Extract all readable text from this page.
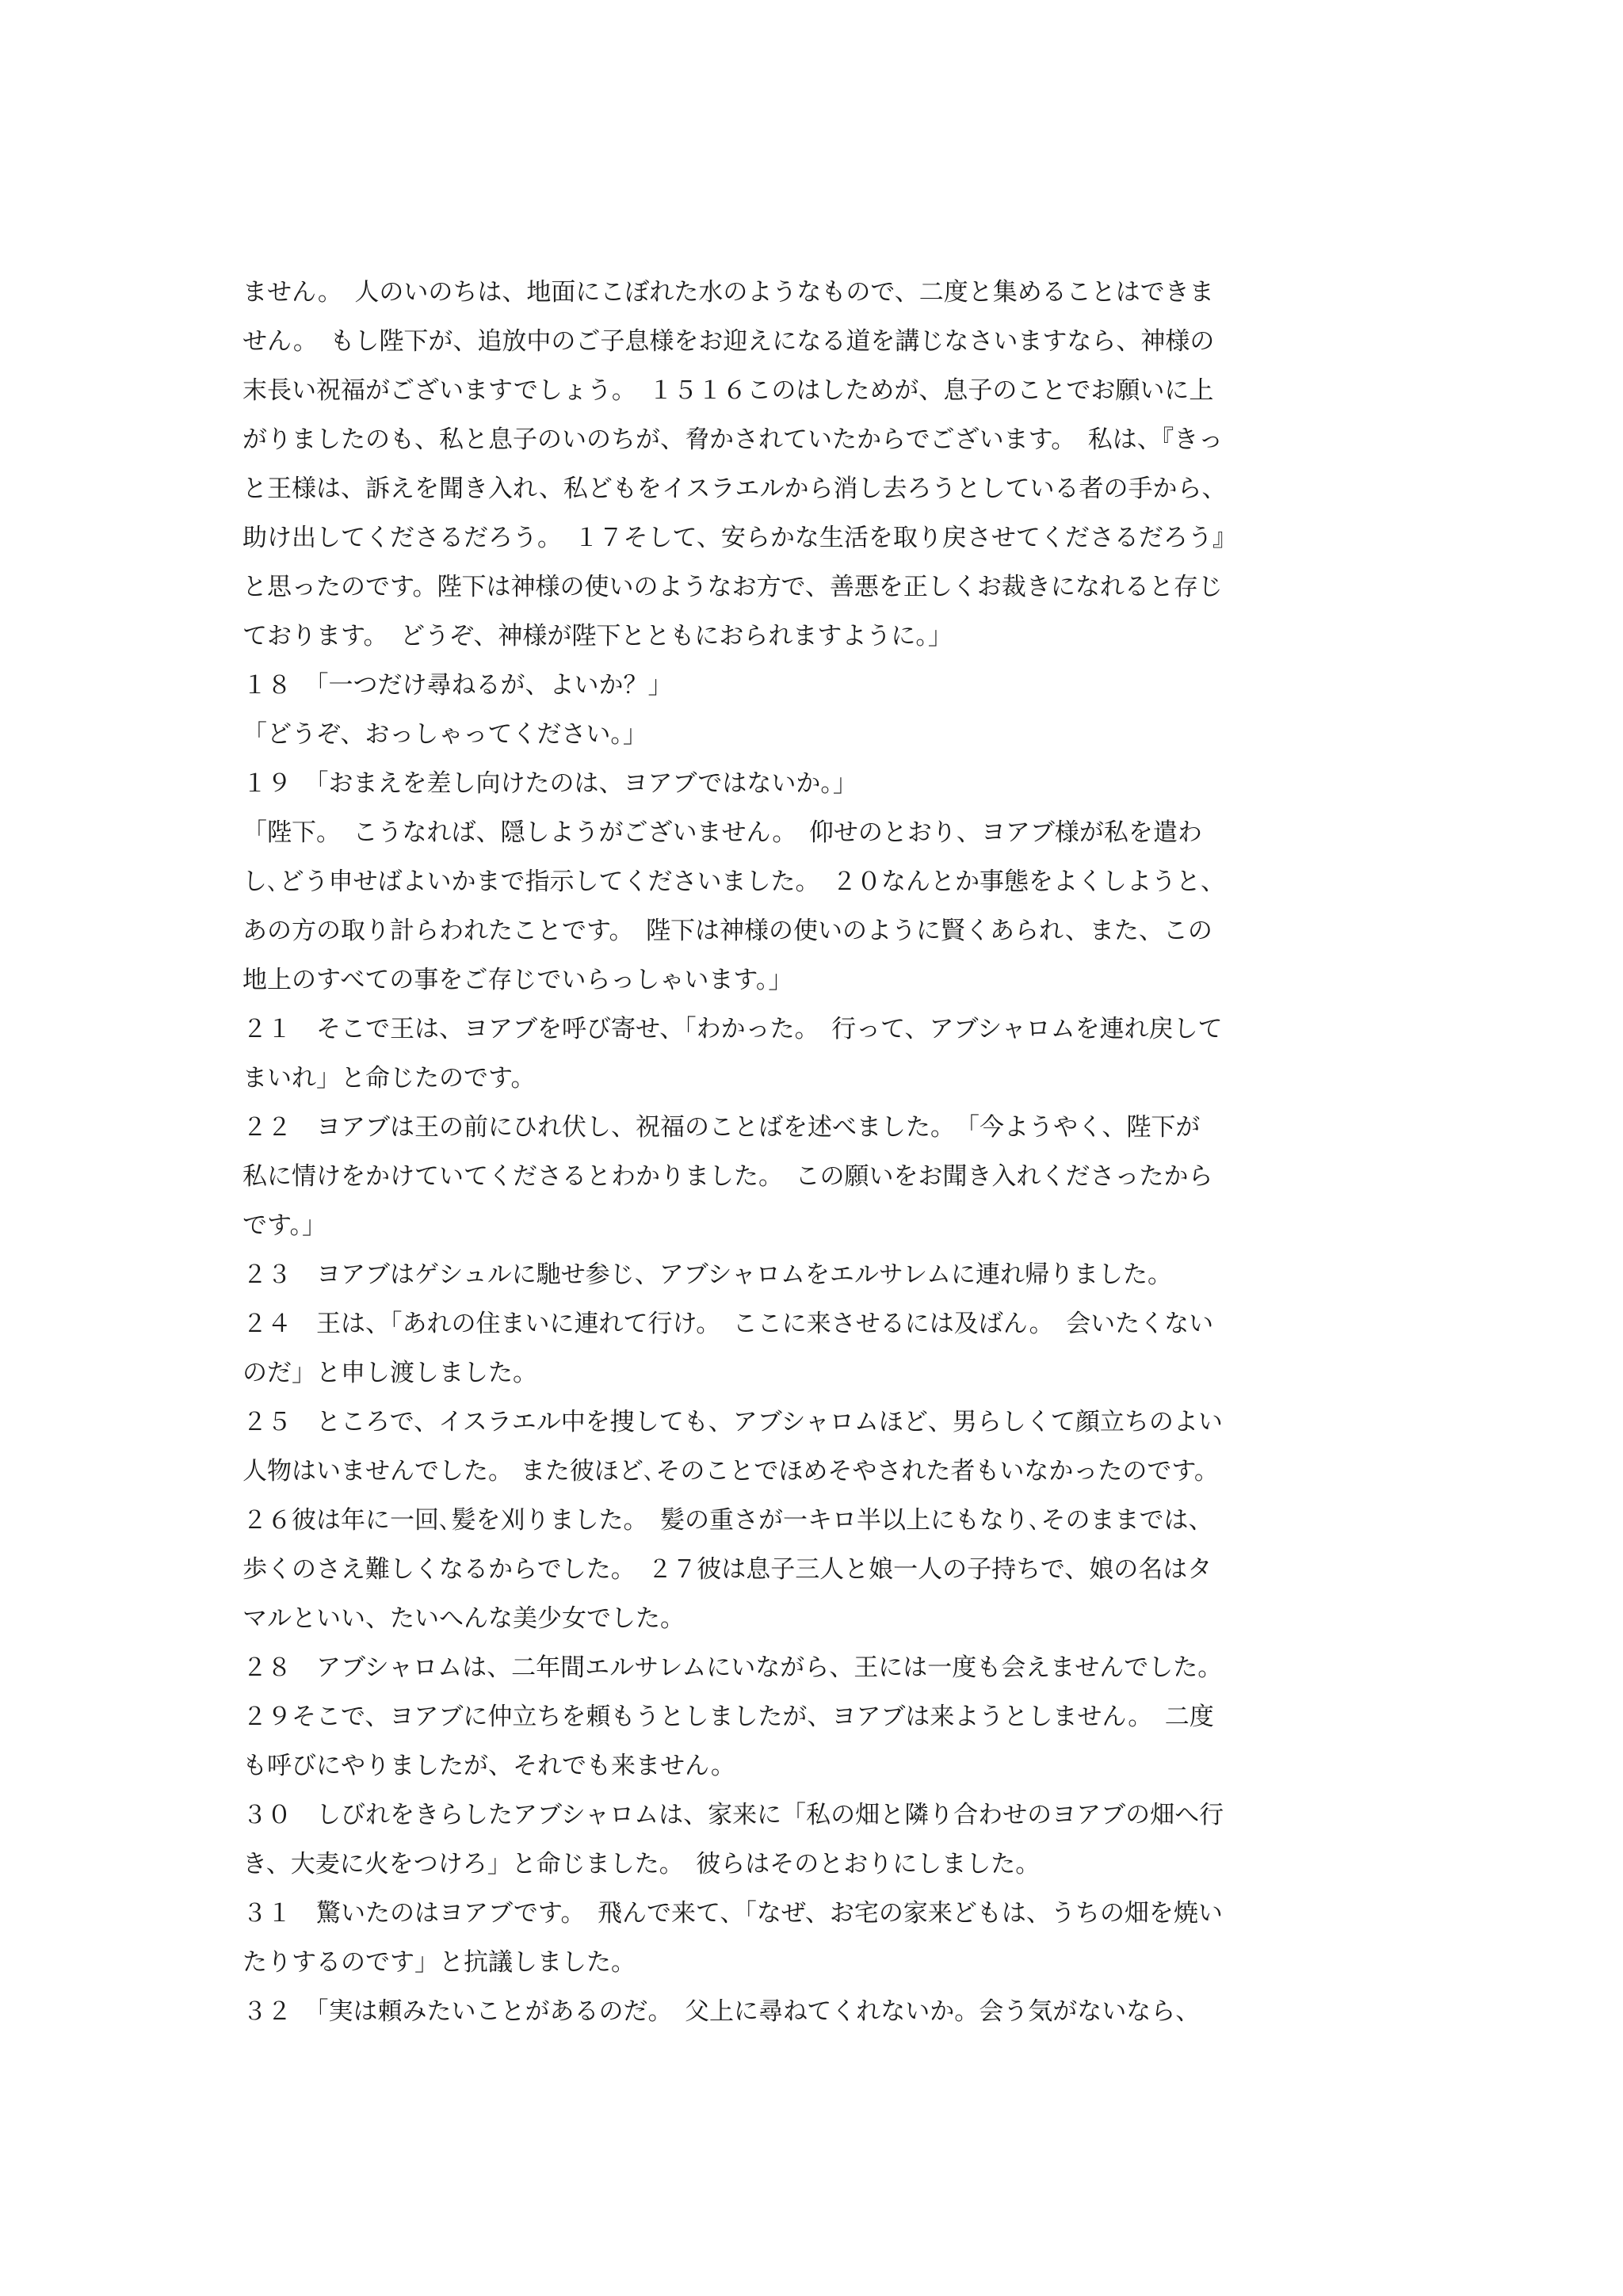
ません。　人のいのちは、地面にこぼれた水のようなもので、二度と集めることはできま
せん。　もし陛下が、追放中のご子息様をお迎えになる道を講じなさいますなら、神様の
末長い祝福がございますでしょう。　１５１６このはしためが、息子のことでお願いに上
がりましたのも、私と息子のいのちが、脅かされていたからでございます。　私は、『きっ
と王様は、訴えを聞き入れ、私どもをイスラエルから消し去ろうとしている者の手から、
助け出してくださるだろう。　１７そして、安らかな生活を取り戻させてくださるだろう』
と思ったのです。陛下は神様の使いのようなお方で、善悪を正しくお裁きになれると存じ
ております。　どうぞ、神様が陛下とともにおられますように。」
１８　「一つだけ尋ねるが、よいか？」
「どうぞ、おっしゃってください。」
１９　「おまえを差し向けたのは、ヨアブではないか。」
「陛下。　こうなれば、隠しようがございません。　仰せのとおり、ヨアブ様が私を遣わ
し､どう申せばよいかまで指示してくださいました。　２０なんとか事態をよくしようと、
あの方の取り計らわれたことです。　陛下は神様の使いのように賢くあられ、また、この
地上のすべての事をご存じでいらっしゃいます。」
２１　そこで王は、ヨアブを呼び寄せ、「わかった。　行って、アブシャロムを連れ戻して
まいれ」と命じたのです。
２２　ヨアブは王の前にひれ伏し、祝福のことばを述べました。　「今ようやく、陛下が
私に情けをかけていてくださるとわかりました。　この願いをお聞き入れくださったから
です。」
２３　ヨアブはゲシュルに馳せ参じ、アブシャロムをエルサレムに連れ帰りました。
２４　王は、「あれの住まいに連れて行け。　ここに来させるには及ばん。　会いたくない
のだ」と申し渡しました。
２５　ところで、イスラエル中を捜しても、アブシャロムほど、男らしくて顔立ちのよい
人物はいませんでした。 また彼ほど､そのことでほめそやされた者もいなかったのです。
２６彼は年に一回､髪を刈りました。　髪の重さが一キロ半以上にもなり､そのままでは、
歩くのさえ難しくなるからでした。　２７彼は息子三人と娘一人の子持ちで、娘の名はタ
マルといい、たいへんな美少女でした。
２８　アブシャロムは、二年間エルサレムにいながら、王には一度も会えませんでした。
２９そこで、ヨアブに仲立ちを頼もうとしましたが、ヨアブは来ようとしません。　二度
も呼びにやりましたが、それでも来ません。
３０　しびれをきらしたアブシャロムは、家来に「私の畑と隣り合わせのヨアブの畑へ行
き、大麦に火をつけろ」と命じました。　彼らはそのとおりにしました。
３１　驚いたのはヨアブです。　飛んで来て、「なぜ、お宅の家来どもは、うちの畑を焼い
たりするのです」と抗議しました。
３２　「実は頼みたいことがあるのだ。　父上に尋ねてくれないか。会う気がないなら、
